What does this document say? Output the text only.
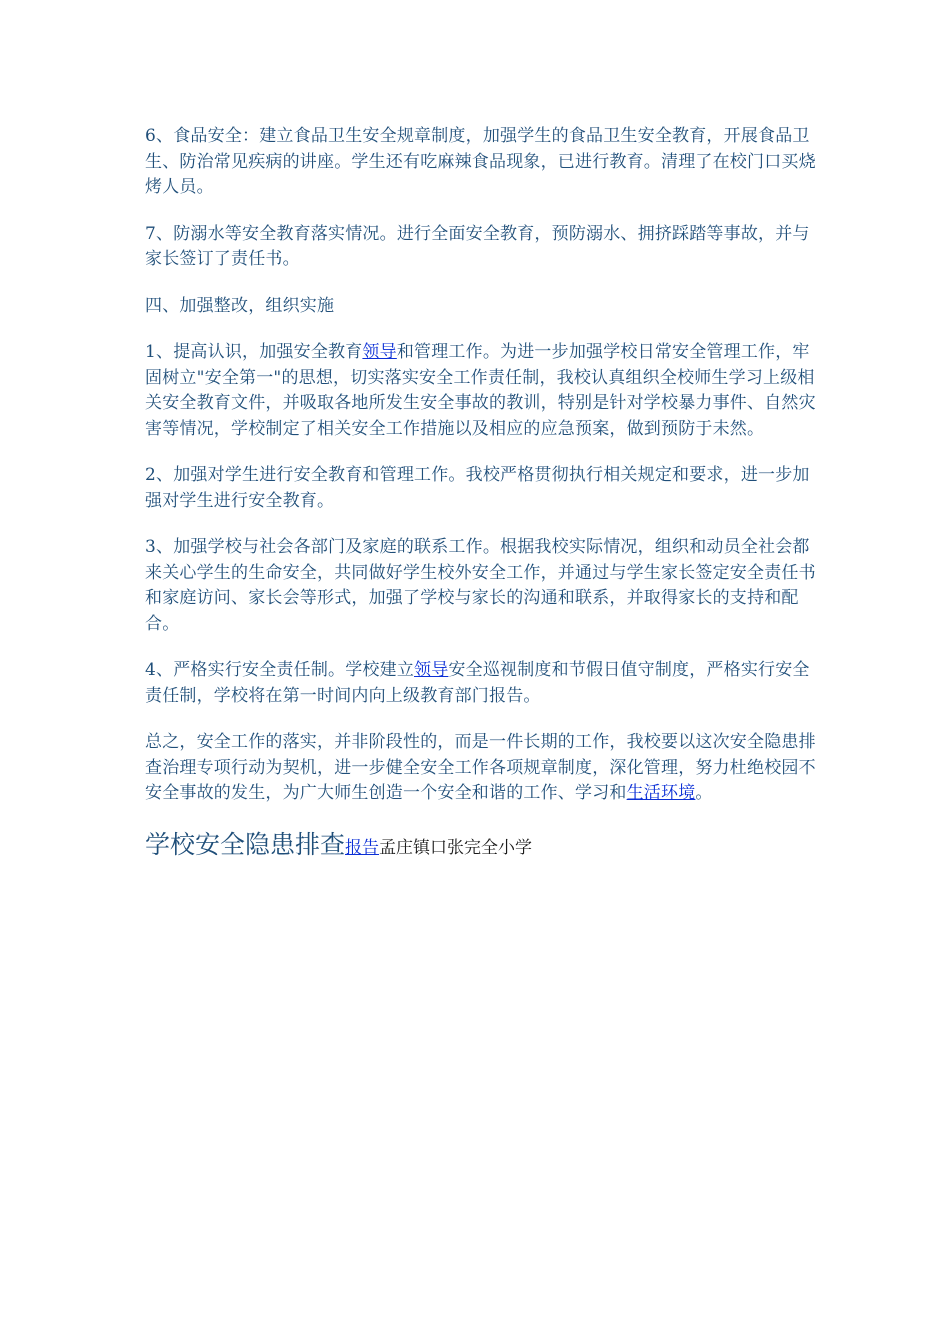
6、食品安全：建立食品卫生安全规章制度，加强学生的食品卫生安全教育，开展食品卫生、防治常见疾病的讲座。学生还有吃麻辣食品现象，已进行教育。清理了在校门口买烧烤人员。

7、防溺水等安全教育落实情况。进行全面安全教育，预防溺水、拥挤踩踏等事故，并与家长签订了责任书。

四、加强整改，组织实施

1、提高认识，加强安全教育领导和管理工作。为进一步加强学校日常安全管理工作，牢固树立"安全第一"的思想，切实落实安全工作责任制，我校认真组织全校师生学习上级相关安全教育文件，并吸取各地所发生安全事故的教训，特别是针对学校暴力事件、自然灾害等情况，学校制定了相关安全工作措施以及相应的应急预案，做到预防于未然。

2、加强对学生进行安全教育和管理工作。我校严格贯彻执行相关规定和要求，进一步加强对学生进行安全教育。

3、加强学校与社会各部门及家庭的联系工作。根据我校实际情况，组织和动员全社会都来关心学生的生命安全，共同做好学生校外安全工作，并通过与学生家长签定安全责任书和家庭访问、家长会等形式，加强了学校与家长的沟通和联系，并取得家长的支持和配合。

4、严格实行安全责任制。学校建立领导安全巡视制度和节假日值守制度，严格实行安全责任制，学校将在第一时间内向上级教育部门报告。

总之，安全工作的落实，并非阶段性的，而是一件长期的工作，我校要以这次安全隐患排查治理专项行动为契机，进一步健全安全工作各项规章制度，深化管理，努力杜绝校园不安全事故的发生，为广大师生创造一个安全和谐的工作、学习和生活环境。

学校安全隐患排查报告孟庄镇口张完全小学
